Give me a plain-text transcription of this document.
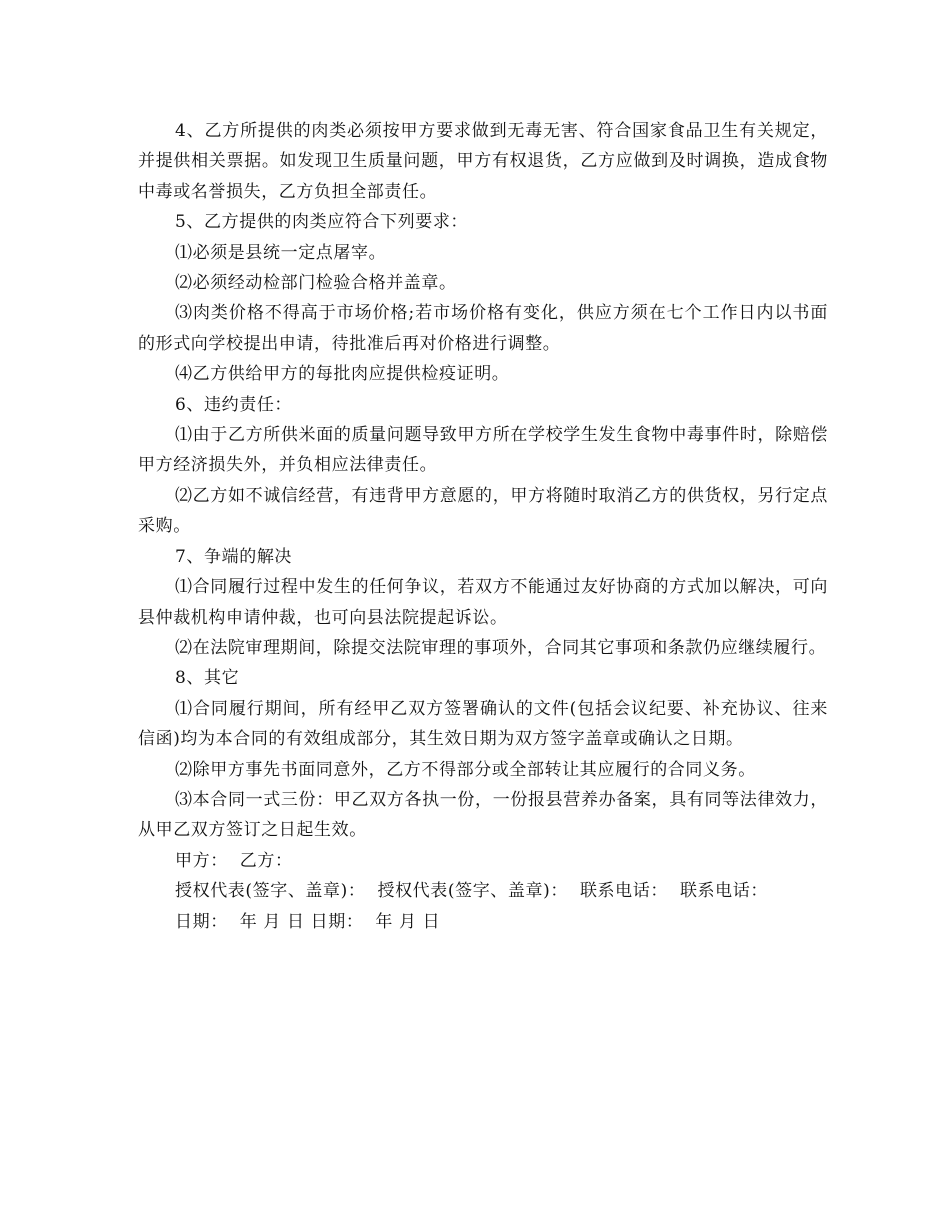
4、乙方所提供的肉类必须按甲方要求做到无毒无害、符合国家食品卫生有关规定，并提供相关票据。如发现卫生质量问题，甲方有权退货，乙方应做到及时调换，造成食物中毒或名誉损失，乙方负担全部责任。

5、乙方提供的肉类应符合下列要求：

⑴必须是县统一定点屠宰。

⑵必须经动检部门检验合格并盖章。

⑶肉类价格不得高于市场价格;若市场价格有变化，供应方须在七个工作日内以书面的形式向学校提出申请，待批准后再对价格进行调整。

⑷乙方供给甲方的每批肉应提供检疫证明。

6、违约责任：

⑴由于乙方所供米面的质量问题导致甲方所在学校学生发生食物中毒事件时，除赔偿甲方经济损失外，并负相应法律责任。

⑵乙方如不诚信经营，有违背甲方意愿的，甲方将随时取消乙方的供货权，另行定点采购。

7、争端的解决

⑴合同履行过程中发生的任何争议，若双方不能通过友好协商的方式加以解决，可向县仲裁机构申请仲裁，也可向县法院提起诉讼。

⑵在法院审理期间，除提交法院审理的事项外，合同其它事项和条款仍应继续履行。

8、其它

⑴合同履行期间，所有经甲乙双方签署确认的文件(包括会议纪要、补充协议、往来信函)均为本合同的有效组成部分，其生效日期为双方签字盖章或确认之日期。

⑵除甲方事先书面同意外，乙方不得部分或全部转让其应履行的合同义务。

⑶本合同一式三份：甲乙双方各执一份，一份报县营养办备案，具有同等法律效力，从甲乙双方签订之日起生效。

甲方：  乙方：

授权代表(签字、盖章)：  授权代表(签字、盖章)：  联系电话：  联系电话：

日期：  年 月 日 日期：  年 月 日
